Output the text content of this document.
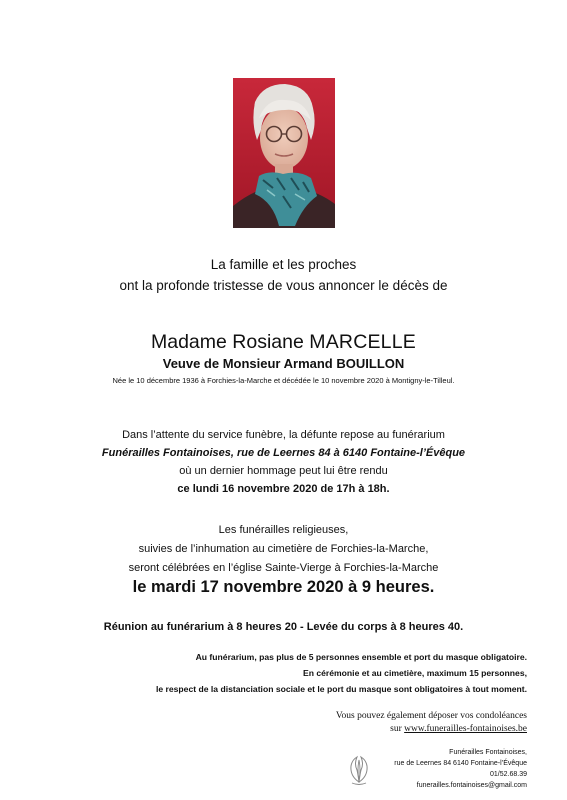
La famille et les proches
ont la profonde tristesse de vous annoncer le décès de
Madame Rosiane MARCELLE
Veuve de Monsieur Armand BOUILLON
Née le 10 décembre 1936 à Forchies-la-Marche et décédée le 10 novembre 2020 à Montigny-le-Tilleul.
Dans l’attente du service funèbre, la défunte repose au funérarium
Funérailles Fontainoises, rue de Leernes 84 à 6140 Fontaine-l’Évêque
où un dernier hommage peut lui être rendu
ce lundi 16 novembre 2020 de 17h à 18h.
Les funérailles religieuses,
suivies de l’inhumation au cimetière de Forchies-la-Marche,
seront célébrées en l’église Sainte-Vierge à Forchies-la-Marche
le mardi 17 novembre 2020 à 9 heures.
Réunion au funérarium à 8 heures 20 - Levée du corps à 8 heures 40.
Au funérarium, pas plus de 5 personnes ensemble et port du masque obligatoire.
En cérémonie et au cimetière, maximum 15 personnes,
le respect de la distanciation sociale et le port du masque sont obligatoires à tout moment.
Vous pouvez également déposer vos condoléances
sur www.funerailles-fontainoises.be
Funérailles Fontainoises,
rue de Leernes 84 6140 Fontaine-l’Évêque
01/52.68.39
funerailles.fontainoises@gmail.com
